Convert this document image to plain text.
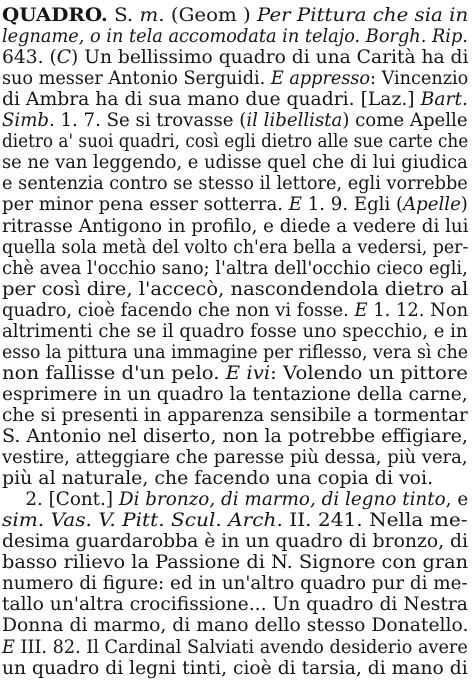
QUADRO. S. m. (Geom ) Per Pittura che sia in
legname, o in tela accomodata in telajo. Borgh. Rip.
643. (C) Un bellissimo quadro di una Carità ha di
suo messer Antonio Serguidi. E appresso: Vincenzio
di Ambra ha di sua mano due quadri. [Laz.] Bart.
Simb. 1. 7. Se si trovasse (il libellista) come Apelle
dietro a' suoi quadri, così egli dietro alle sue carte che
se ne van leggendo, e udisse quel che di lui giudica
e sentenzia contro se stesso il lettore, egli vorrebbe
per minor pena esser sotterra. E 1. 9. Egli (Apelle)
ritrasse Antigono in profilo, e diede a vedere di lui
quella sola metà del volto ch'era bella a vedersi, per-
chè avea l'occhio sano; l'altra dell'occhio cieco egli,
per così dire, l'accecò, nascondendola dietro al
quadro, cioè facendo che non vi fosse. E 1. 12. Non
altrimenti che se il quadro fosse uno specchio, e in
esso la pittura una immagine per riflesso, vera sì che
non fallisse d'un pelo. E ivi: Volendo un pittore
esprimere in un quadro la tentazione della carne,
che si presenti in apparenza sensibile a tormentar
S. Antonio nel diserto, non la potrebbe effigiare,
vestire, atteggiare che paresse più dessa, più vera,
più al naturale, che facendo una copia di voi.
2. [Cont.] Di bronzo, di marmo, di legno tinto, e
sim. Vas. V. Pitt. Scul. Arch. II. 241. Nella me-
desima guardarobba è in un quadro di bronzo, di
basso rilievo la Passione di N. Signore con gran
numero di figure: ed in un'altro quadro pur di me-
tallo un'altra crocifissione... Un quadro di Nestra
Donna di marmo, di mano dello stesso Donatello.
E III. 82. Il Cardinal Salviati avendo desiderio avere
un quadro di legni tinti, cioè di tarsia, di mano di
